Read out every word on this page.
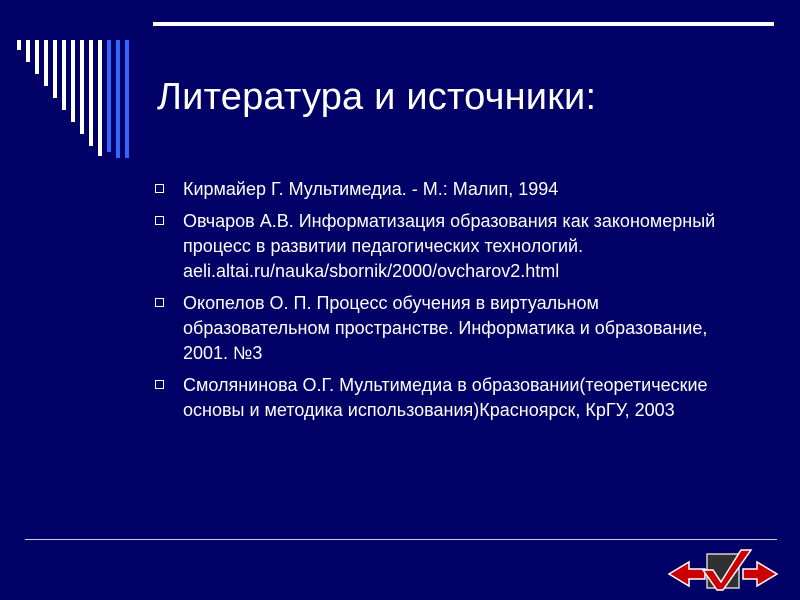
Литература и источники:
Кирмайер Г. Мультимедиа. - М.: Малип, 1994
Овчаров А.В. Информатизация образования как закономерный процесс в развитии педагогических технологий. aeli.altai.ru/nauka/sbornik/2000/ovcharov2.html
Окопелов О. П. Процесс обучения в виртуальном образовательном пространстве. Информатика и образование, 2001. №3
Смолянинова О.Г. Мультимедиа в образовании(теоретические основы и методика использования)Красноярск, КрГУ, 2003
